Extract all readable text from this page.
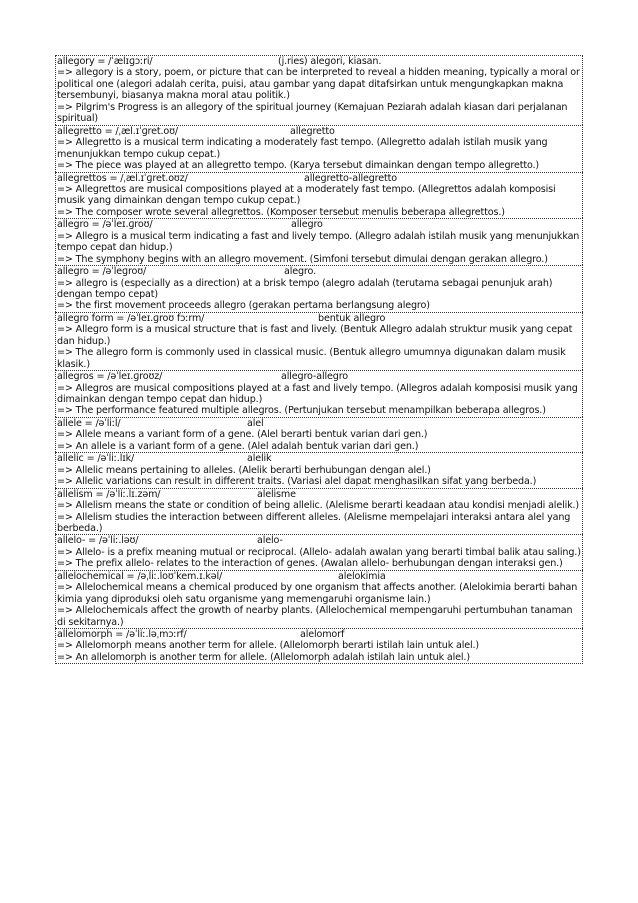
allegory = /ˈælɪɡɔːri/	(j.ries) alegori, kiasan.
=> allegory is a story, poem, or picture that can be interpreted to reveal a hidden meaning, typically a moral or political one (alegori adalah cerita, puisi, atau gambar yang dapat ditafsirkan untuk mengungkapkan makna tersembunyi, biasanya makna moral atau politik.)
=> Pilgrim's Progress is an allegory of the spiritual journey (Kemajuan Peziarah adalah kiasan dari perjalanan spiritual)
allegretto = /ˌæl.ɪˈɡret.oʊ/	allegretto
=> Allegretto is a musical term indicating a moderately fast tempo. (Allegretto adalah istilah musik yang menunjukkan tempo cukup cepat.)
=> The piece was played at an allegretto tempo. (Karya tersebut dimainkan dengan tempo allegretto.)
allegrettos = /ˌæl.ɪˈɡret.oʊz/	allegretto-allegretto
=> Allegrettos are musical compositions played at a moderately fast tempo. (Allegrettos adalah komposisi musik yang dimainkan dengan tempo cukup cepat.)
=> The composer wrote several allegrettos. (Komposer tersebut menulis beberapa allegrettos.)
allegro = /əˈleɪ.ɡroʊ/	allegro
=> Allegro is a musical term indicating a fast and lively tempo. (Allegro adalah istilah musik yang menunjukkan tempo cepat dan hidup.)
=> The symphony begins with an allegro movement. (Simfoni tersebut dimulai dengan gerakan allegro.)
allegro = /əˈleɡroʊ/	alegro.
=> allegro is (especially as a direction) at a brisk tempo (alegro adalah (terutama sebagai penunjuk arah) dengan tempo cepat)
=> the first movement proceeds allegro (gerakan pertama berlangsung alegro)
allegro form = /əˈleɪ.ɡroʊ fɔːrm/	bentuk allegro
=> Allegro form is a musical structure that is fast and lively. (Bentuk Allegro adalah struktur musik yang cepat dan hidup.)
=> The allegro form is commonly used in classical music. (Bentuk allegro umumnya digunakan dalam musik klasik.)
allegros = /əˈleɪ.ɡroʊz/	allegro-allegro
=> Allegros are musical compositions played at a fast and lively tempo. (Allegros adalah komposisi musik yang dimainkan dengan tempo cepat dan hidup.)
=> The performance featured multiple allegros. (Pertunjukan tersebut menampilkan beberapa allegros.)
allele = /əˈliːl/	alel
=> Allele means a variant form of a gene. (Alel berarti bentuk varian dari gen.)
=> An allele is a variant form of a gene. (Alel adalah bentuk varian dari gen.)
allelic = /əˈliː.lɪk/	alelik
=> Allelic means pertaining to alleles. (Alelik berarti berhubungan dengan alel.)
=> Allelic variations can result in different traits. (Variasi alel dapat menghasilkan sifat yang berbeda.)
allelism = /əˈliː.lɪ.zəm/	alelisme
=> Allelism means the state or condition of being allelic. (Alelisme berarti keadaan atau kondisi menjadi alelik.)
=> Allelism studies the interaction between different alleles. (Alelisme mempelajari interaksi antara alel yang berbeda.)
allelo- = /əˈliː.ləʊ/	alelo-
=> Allelo- is a prefix meaning mutual or reciprocal. (Allelo- adalah awalan yang berarti timbal balik atau saling.)
=> The prefix allelo- relates to the interaction of genes. (Awalan allelo- berhubungan dengan interaksi gen.)
allelochemical = /əˌliː.loʊˈkem.ɪ.kəl/	alelokimia
=> Allelochemical means a chemical produced by one organism that affects another. (Alelokimia berarti bahan kimia yang diproduksi oleh satu organisme yang memengaruhi organisme lain.)
=> Allelochemicals affect the growth of nearby plants. (Allelochemical mempengaruhi pertumbuhan tanaman di sekitarnya.)
allelomorph = /əˈliː.ləˌmɔːrf/	alelomorf
=> Allelomorph means another term for allele. (Allelomorph berarti istilah lain untuk alel.)
=> An allelomorph is another term for allele. (Allelomorph adalah istilah lain untuk alel.)
